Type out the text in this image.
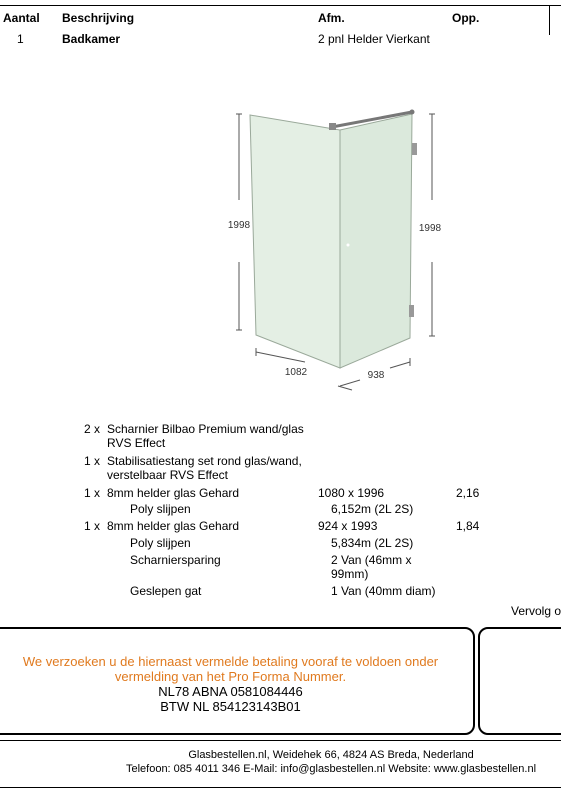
Aantal Beschrijving	Afm.	Opp.
1	Badkamer	2 pnl Helder Vierkant
1998	1998
1082	938
2 x Scharnier Bilbao Premium wand/glas
RVS Effect
1 x Stabilisatiestang set rond glas/wand,
verstelbaar RVS Effect
1 x 8mm helder glas Gehard	1080 x 1996	2,16
Poly slijpen	6,152m (2L 2S)
1 x 8mm helder glas Gehard	924 x 1993	1,84
Poly slijpen	5,834m (2L 2S)
Scharniersparing	2 Van (46mm x
99mm)
Geslepen gat	1 Van (40mm diam)
Vervolg o
We verzoeken u de hiernaast vermelde betaling vooraf te voldoen onder
vermelding van het Pro Forma Nummer.
NL78 ABNA 0581084446
BTW NL 854123143B01
Glasbestellen.nl, Weidehek 66, 4824 AS Breda, Nederland
Telefoon: 085 4011 346 E-Mail: info@glasbestellen.nl Website: www.glasbestellen.nl
